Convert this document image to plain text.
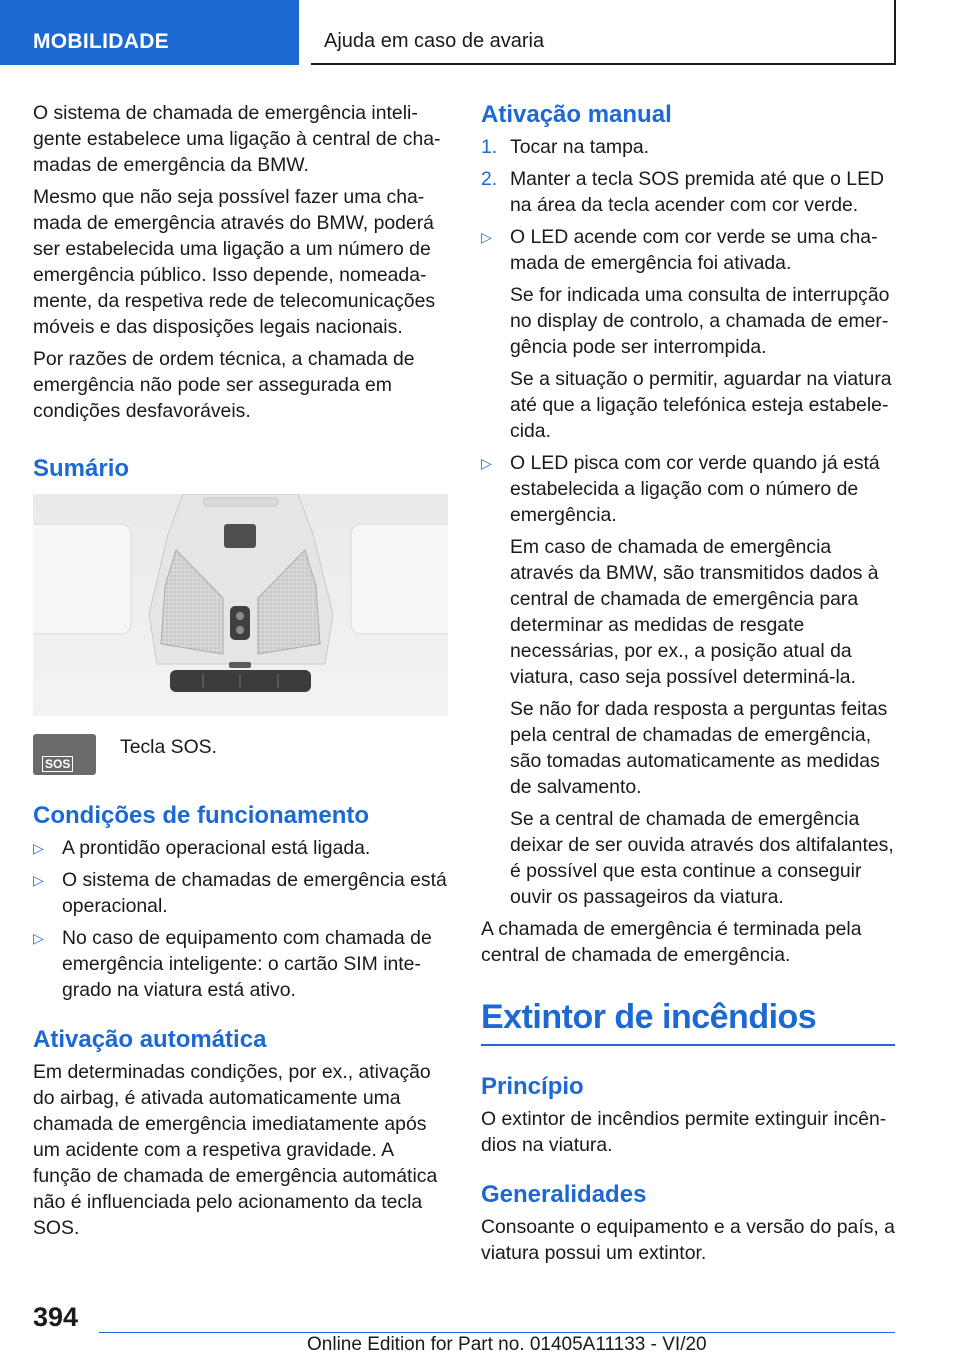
MOBILIDADE	Ajuda em caso de avaria

O sistema de chamada de emergência inteligente estabelece uma ligação à central de chamadas de emergência da BMW.

Mesmo que não seja possível fazer uma chamada de emergência através do BMW, poderá ser estabelecida uma ligação a um número de emergência público. Isso depende, nomeadamente, da respetiva rede de telecomunicações móveis e das disposições legais nacionais.

Por razões de ordem técnica, a chamada de emergência não pode ser assegurada em condições desfavoráveis.

Sumário
SOS
Tecla SOS.
Condições de funcionamento
▷ A prontidão operacional está ligada.
▷ O sistema de chamadas de emergência está operacional.
▷ No caso de equipamento com chamada de emergência inteligente: o cartão SIM integrado na viatura está ativo.
Ativação automática

Em determinadas condições, por ex., ativação do airbag, é ativada automaticamente uma chamada de emergência imediatamente após um acidente com a respetiva gravidade. A função de chamada de emergência automática não é influenciada pelo acionamento da tecla SOS.

Ativação manual
1. Tocar na tampa.
2. Manter a tecla SOS premida até que o LED na área da tecla acender com cor verde.
▷ O LED acende com cor verde se uma chamada de emergência foi ativada.

Se for indicada uma consulta de interrupção no display de controlo, a chamada de emergência pode ser interrompida.

Se a situação o permitir, aguardar na viatura até que a ligação telefónica esteja estabelecida.

▷ O LED pisca com cor verde quando já está estabelecida a ligação com o número de emergência.

Em caso de chamada de emergência através da BMW, são transmitidos dados à central de chamada de emergência para determinar as medidas de resgate necessárias, por ex., a posição atual da viatura, caso seja possível determiná-la.

Se não for dada resposta a perguntas feitas pela central de chamadas de emergência, são tomadas automaticamente as medidas de salvamento.

Se a central de chamada de emergência deixar de ser ouvida através dos altifalantes, é possível que esta continue a conseguir ouvir os passageiros da viatura.

A chamada de emergência é terminada pela central de chamada de emergência.

Extintor de incêndios
Princípio

O extintor de incêndios permite extinguir incêndios na viatura.

Generalidades

Consoante o equipamento e a versão do país, a viatura possui um extintor.

394
Online Edition for Part no. 01405A11133 - VI/20
